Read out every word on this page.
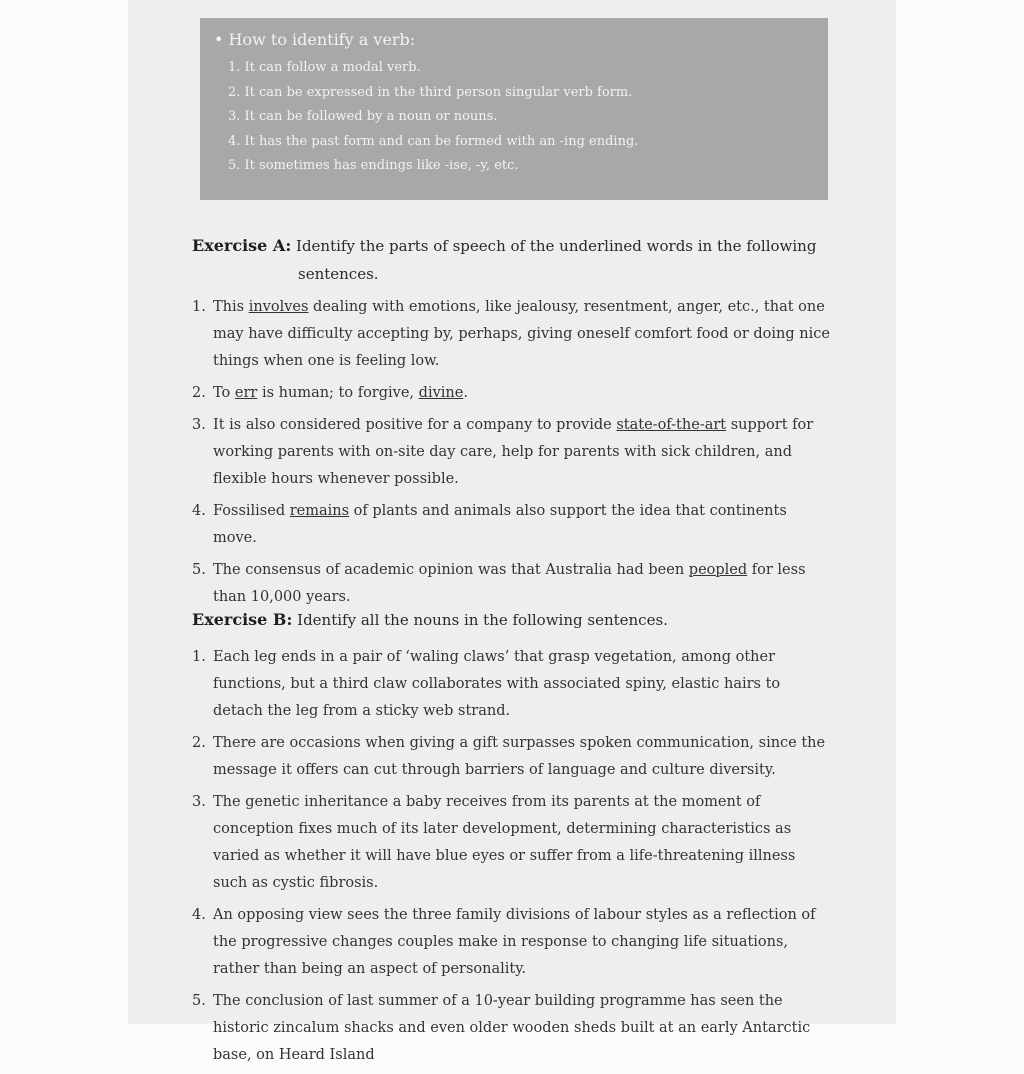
• How to identify a verb:
1. It can follow a modal verb.
2. It can be expressed in the third person singular verb form.
3. It can be followed by a noun or nouns.
4. It has the past form and can be formed with an -ing ending.
5. It sometimes has endings like -ise, -y, etc.
Exercise A: Identify the parts of speech of the underlined words in the following
sentences.
1. This involves dealing with emotions, like jealousy, resentment, anger, etc., that one may have difficulty accepting by, perhaps, giving oneself comfort food or doing nice things when one is feeling low.
2. To err is human; to forgive, divine.
3. It is also considered positive for a company to provide state-of-the-art support for working parents with on-site day care, help for parents with sick children, and flexible hours whenever possible.
4. Fossilised remains of plants and animals also support the idea that continents move.
5. The consensus of academic opinion was that Australia had been peopled for less than 10,000 years.
Exercise B: Identify all the nouns in the following sentences.
1. Each leg ends in a pair of ‘waling claws’ that grasp vegetation, among other functions, but a third claw collaborates with associated spiny, elastic hairs to detach the leg from a sticky web strand.
2. There are occasions when giving a gift surpasses spoken communication, since the message it offers can cut through barriers of language and culture diversity.
3. The genetic inheritance a baby receives from its parents at the moment of conception fixes much of its later development, determining characteristics as varied as whether it will have blue eyes or suffer from a life-threatening illness such as cystic fibrosis.
4. An opposing view sees the three family divisions of labour styles as a reflection of the progressive changes couples make in response to changing life situations, rather than being an aspect of personality.
5. The conclusion of last summer of a 10-year building programme has seen the historic zincalum shacks and even older wooden sheds built at an early Antarctic base, on Heard Island
